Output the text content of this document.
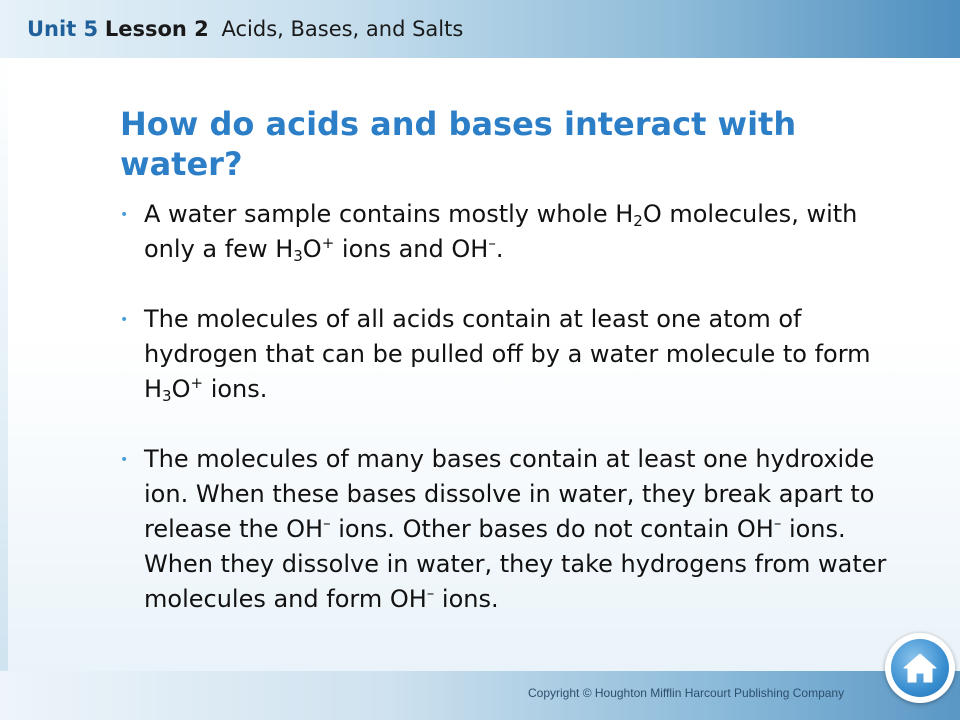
Unit 5 Lesson 2 Acids, Bases, and Salts
How do acids and bases interact with water?
• A water sample contains mostly whole $H_2O$ molecules, with only a few $H_3O^+$ ions and OH–.
• The molecules of all acids contain at least one atom of hydrogen that can be pulled off by a water molecule to form $H_3O^+$ ions.
• The molecules of many bases contain at least one hydroxide ion. When these bases dissolve in water, they break apart to release the OH– ions. Other bases do not contain OH– ions. When they dissolve in water, they take hydrogens from water molecules and form OH– ions.
Copyright © Houghton Mifflin Harcourt Publishing Company
